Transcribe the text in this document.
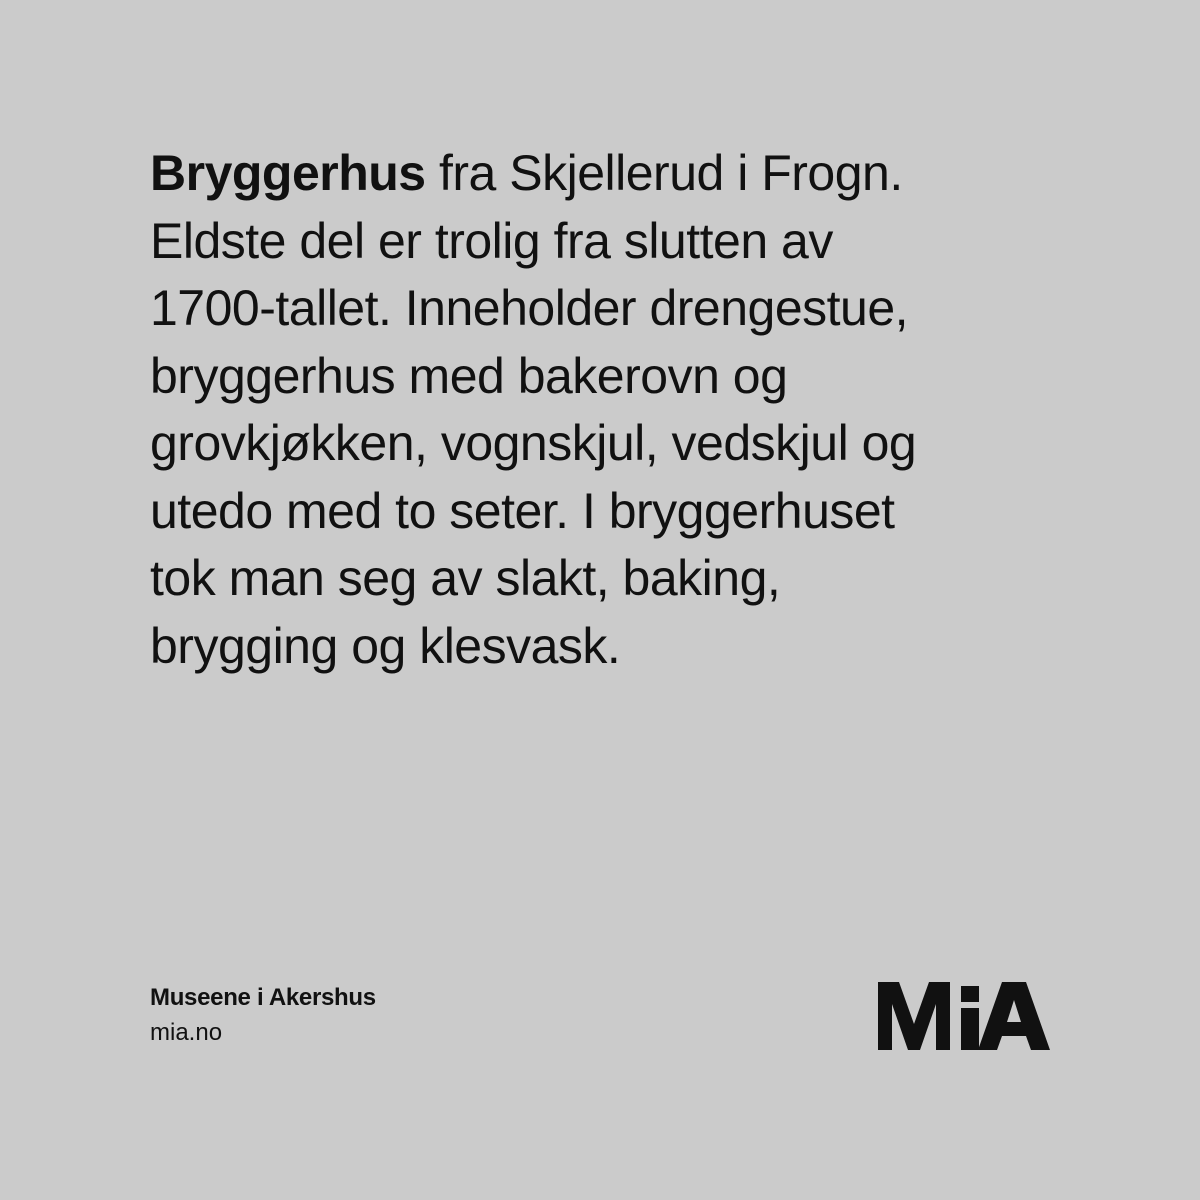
Bryggerhus fra Skjellerud i Frogn.
Eldste del er trolig fra slutten av
1700-tallet. Inneholder drengestue,
bryggerhus med bakerovn og
grovkjøkken, vognskjul, vedskjul og
utedo med to seter. I bryggerhuset
tok man seg av slakt, baking,
brygging og klesvask.
Museene i Akershus
mia.no
